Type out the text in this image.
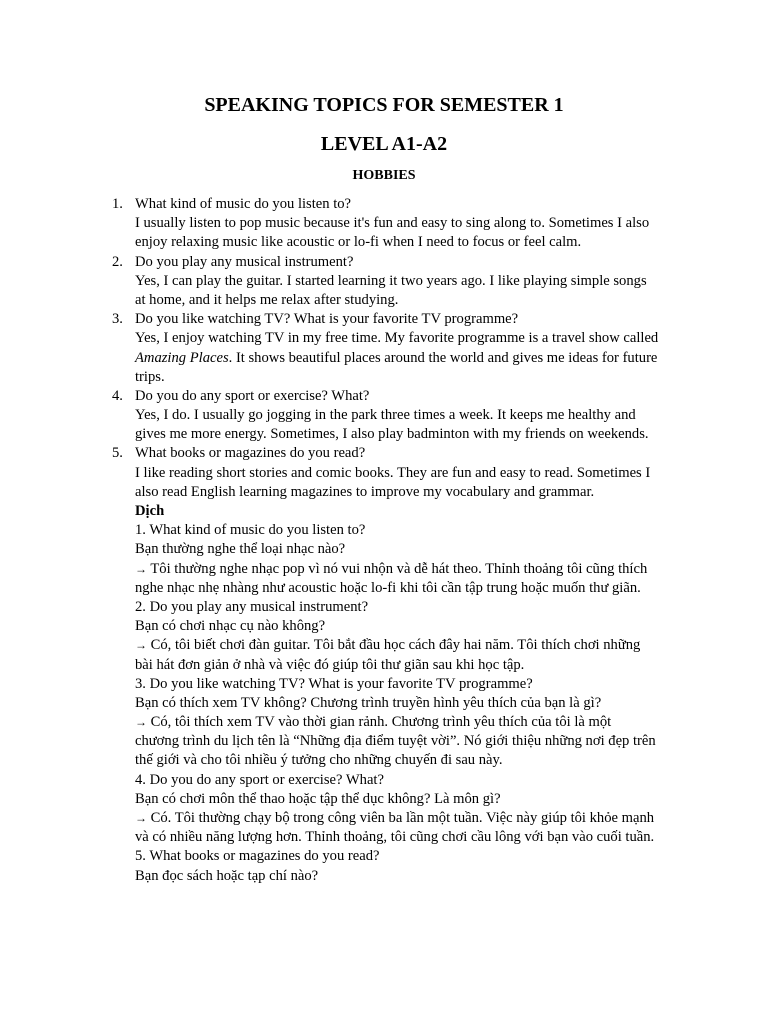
SPEAKING TOPICS FOR SEMESTER 1
LEVEL A1-A2
HOBBIES
1. What kind of music do you listen to?
I usually listen to pop music because it's fun and easy to sing along to. Sometimes I also
enjoy relaxing music like acoustic or lo-fi when I need to focus or feel calm.
2. Do you play any musical instrument?
Yes, I can play the guitar. I started learning it two years ago. I like playing simple songs
at home, and it helps me relax after studying.
3. Do you like watching TV? What is your favorite TV programme?
Yes, I enjoy watching TV in my free time. My favorite programme is a travel show called
Amazing Places. It shows beautiful places around the world and gives me ideas for future
trips.
4. Do you do any sport or exercise? What?
Yes, I do. I usually go jogging in the park three times a week. It keeps me healthy and
gives me more energy. Sometimes, I also play badminton with my friends on weekends.
5. What books or magazines do you read?
I like reading short stories and comic books. They are fun and easy to read. Sometimes I
also read English learning magazines to improve my vocabulary and grammar.
Dịch
1. What kind of music do you listen to?
Bạn thường nghe thể loại nhạc nào?
→ Tôi thường nghe nhạc pop vì nó vui nhộn và dễ hát theo. Thỉnh thoảng tôi cũng thích
nghe nhạc nhẹ nhàng như acoustic hoặc lo-fi khi tôi cần tập trung hoặc muốn thư giãn.
2. Do you play any musical instrument?
Bạn có chơi nhạc cụ nào không?
→ Có, tôi biết chơi đàn guitar. Tôi bắt đầu học cách đây hai năm. Tôi thích chơi những
bài hát đơn giản ở nhà và việc đó giúp tôi thư giãn sau khi học tập.
3. Do you like watching TV? What is your favorite TV programme?
Bạn có thích xem TV không? Chương trình truyền hình yêu thích của bạn là gì?
→ Có, tôi thích xem TV vào thời gian rảnh. Chương trình yêu thích của tôi là một
chương trình du lịch tên là “Những địa điểm tuyệt vời”. Nó giới thiệu những nơi đẹp trên
thế giới và cho tôi nhiều ý tưởng cho những chuyến đi sau này.
4. Do you do any sport or exercise? What?
Bạn có chơi môn thể thao hoặc tập thể dục không? Là môn gì?
→ Có. Tôi thường chạy bộ trong công viên ba lần một tuần. Việc này giúp tôi khỏe mạnh
và có nhiều năng lượng hơn. Thỉnh thoảng, tôi cũng chơi cầu lông với bạn vào cuối tuần.
5. What books or magazines do you read?
Bạn đọc sách hoặc tạp chí nào?
